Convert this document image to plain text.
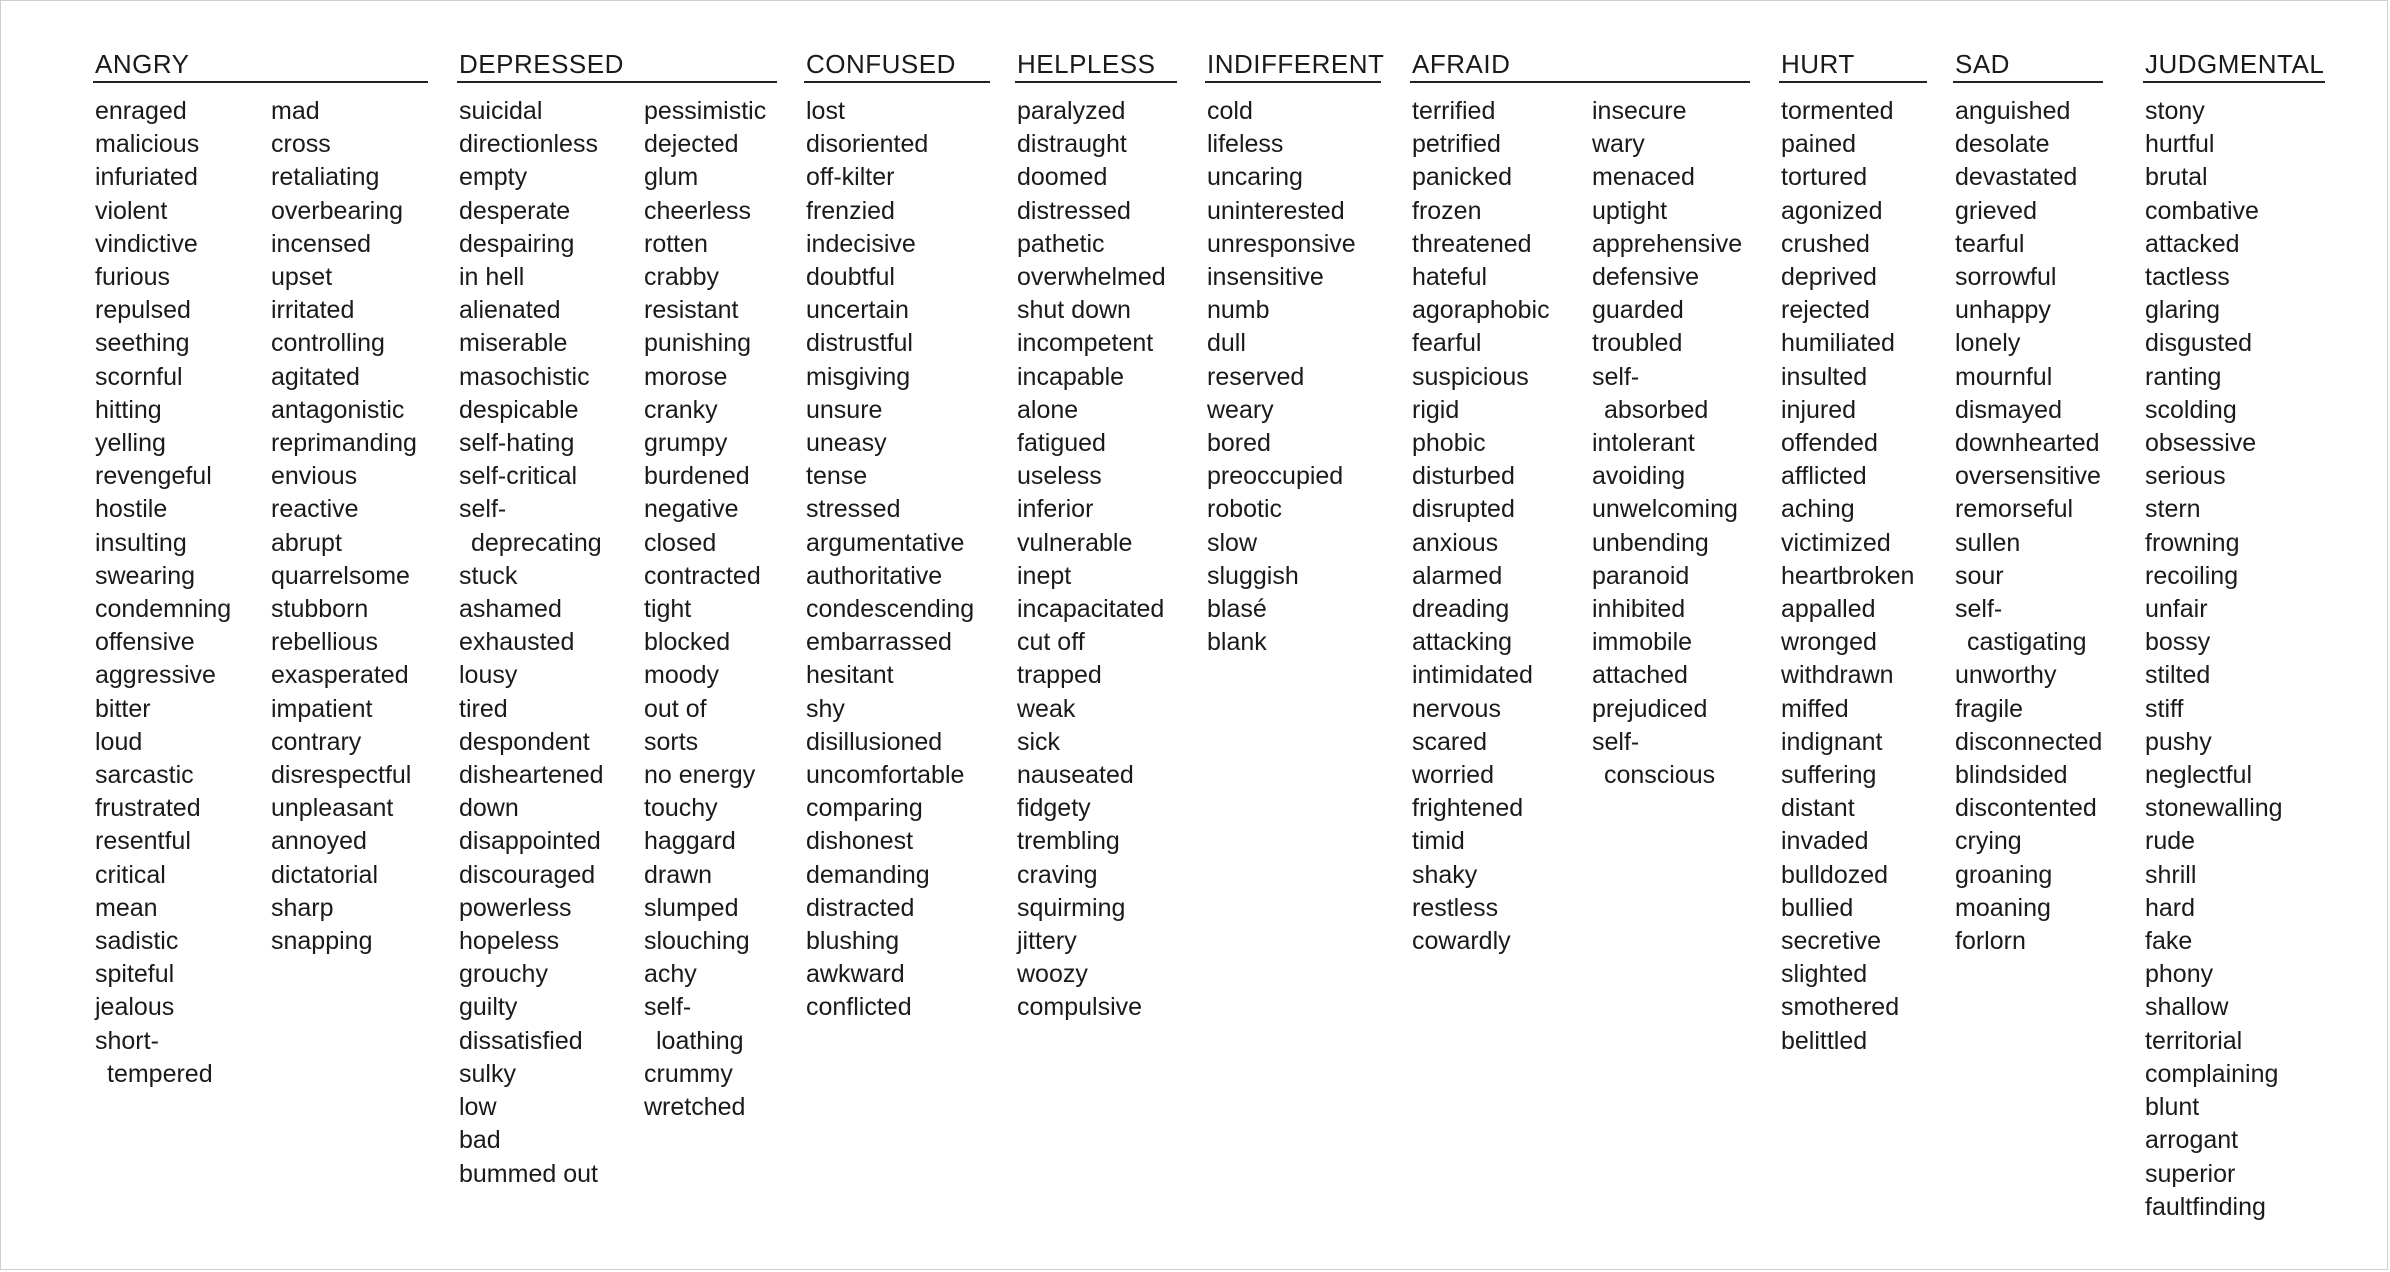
ANGRY
enraged
malicious
infuriated
violent
vindictive
furious
repulsed
seething
scornful
hitting
yelling
revengeful
hostile
insulting
swearing
condemning
offensive
aggressive
bitter
loud
sarcastic
frustrated
resentful
critical
mean
sadistic
spiteful
jealous
short-
tempered
mad
cross
retaliating
overbearing
incensed
upset
irritated
controlling
agitated
antagonistic
reprimanding
envious
reactive
abrupt
quarrelsome
stubborn
rebellious
exasperated
impatient
contrary
disrespectful
unpleasant
annoyed
dictatorial
sharp
snapping
DEPRESSED
suicidal
directionless
empty
desperate
despairing
in hell
alienated
miserable
masochistic
despicable
self-hating
self-critical
self-
deprecating
stuck
ashamed
exhausted
lousy
tired
despondent
disheartened
down
disappointed
discouraged
powerless
hopeless
grouchy
guilty
dissatisfied
sulky
low
bad
bummed out
pessimistic
dejected
glum
cheerless
rotten
crabby
resistant
punishing
morose
cranky
grumpy
burdened
negative
closed
contracted
tight
blocked
moody
out of
sorts
no energy
touchy
haggard
drawn
slumped
slouching
achy
self-
loathing
crummy
wretched
CONFUSED
lost
disoriented
off-kilter
frenzied
indecisive
doubtful
uncertain
distrustful
misgiving
unsure
uneasy
tense
stressed
argumentative
authoritative
condescending
embarrassed
hesitant
shy
disillusioned
uncomfortable
comparing
dishonest
demanding
distracted
blushing
awkward
conflicted
HELPLESS
paralyzed
distraught
doomed
distressed
pathetic
overwhelmed
shut down
incompetent
incapable
alone
fatigued
useless
inferior
vulnerable
inept
incapacitated
cut off
trapped
weak
sick
nauseated
fidgety
trembling
craving
squirming
jittery
woozy
compulsive
INDIFFERENT
cold
lifeless
uncaring
uninterested
unresponsive
insensitive
numb
dull
reserved
weary
bored
preoccupied
robotic
slow
sluggish
blasé
blank
AFRAID
terrified
petrified
panicked
frozen
threatened
hateful
agoraphobic
fearful
suspicious
rigid
phobic
disturbed
disrupted
anxious
alarmed
dreading
attacking
intimidated
nervous
scared
worried
frightened
timid
shaky
restless
cowardly
insecure
wary
menaced
uptight
apprehensive
defensive
guarded
troubled
self-
absorbed
intolerant
avoiding
unwelcoming
unbending
paranoid
inhibited
immobile
attached
prejudiced
self-
conscious
HURT
tormented
pained
tortured
agonized
crushed
deprived
rejected
humiliated
insulted
injured
offended
afflicted
aching
victimized
heartbroken
appalled
wronged
withdrawn
miffed
indignant
suffering
distant
invaded
bulldozed
bullied
secretive
slighted
smothered
belittled
SAD
anguished
desolate
devastated
grieved
tearful
sorrowful
unhappy
lonely
mournful
dismayed
downhearted
oversensitive
remorseful
sullen
sour
self-
castigating
unworthy
fragile
disconnected
blindsided
discontented
crying
groaning
moaning
forlorn
JUDGMENTAL
stony
hurtful
brutal
combative
attacked
tactless
glaring
disgusted
ranting
scolding
obsessive
serious
stern
frowning
recoiling
unfair
bossy
stilted
stiff
pushy
neglectful
stonewalling
rude
shrill
hard
fake
phony
shallow
territorial
complaining
blunt
arrogant
superior
faultfinding
